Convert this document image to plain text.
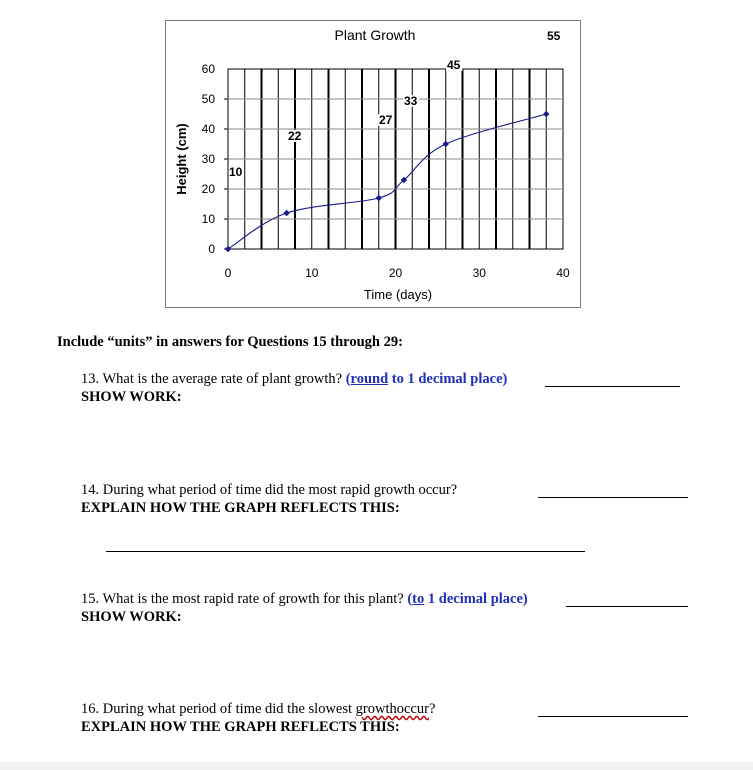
Plant Growth
60
50
40
30
20
10
0
0	10	20	30	40
Time (days)
Height (cm)	10
22
27
33
45
55
Include “units” in answers for Questions 15 through 29:
13. What is the average rate of plant growth? (round to 1 decimal place)
SHOW WORK:
14. During what period of time did the most rapid growth occur?
EXPLAIN HOW THE GRAPH REFLECTS THIS:
15. What is the most rapid rate of growth for this plant? (to 1 decimal place)
SHOW WORK:
16. During what period of time did the slowest growthoccur?
EXPLAIN HOW THE GRAPH REFLECTS THIS:
